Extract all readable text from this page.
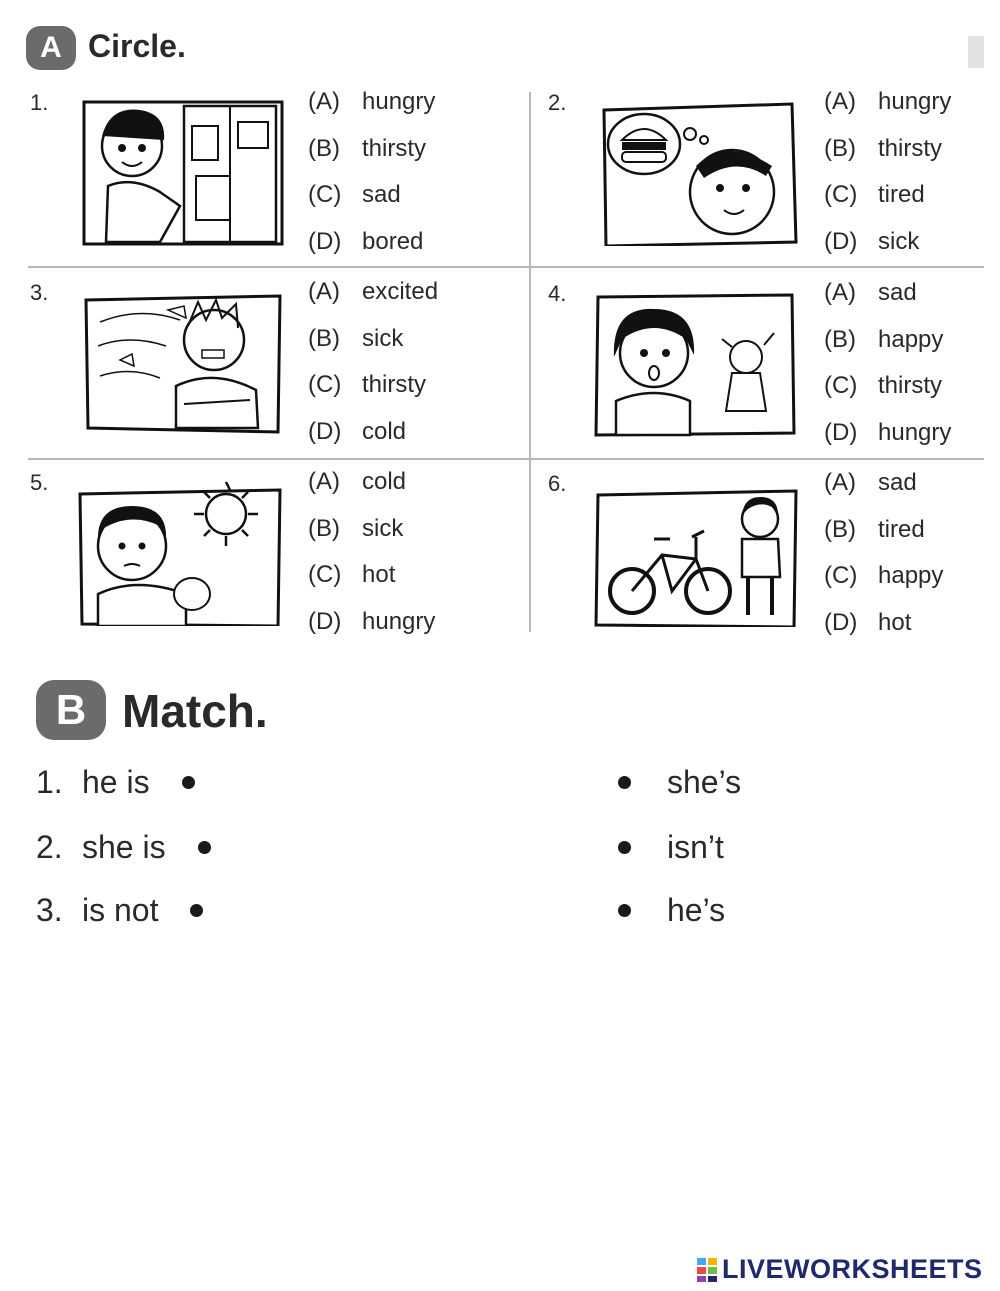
A Circle.
1.	(A) hungry
(B) thirsty
(C) sad
(D) bored
2.	(A) hungry
(B) thirsty
(C) tired
(D) sick
3.	(A) excited
(B) sick
(C) thirsty
(D) cold
4.	(A) sad
(B) happy
(C) thirsty
(D) hungry
5.	(A) cold
(B) sick
(C) hot
(D) hungry
6.	(A) sad
(B) tired
(C) happy
(D) hot
B Match.
1. he is
2. she is
3. is not
she’s
isn’t
he’s
LIVEWORKSHEETS
